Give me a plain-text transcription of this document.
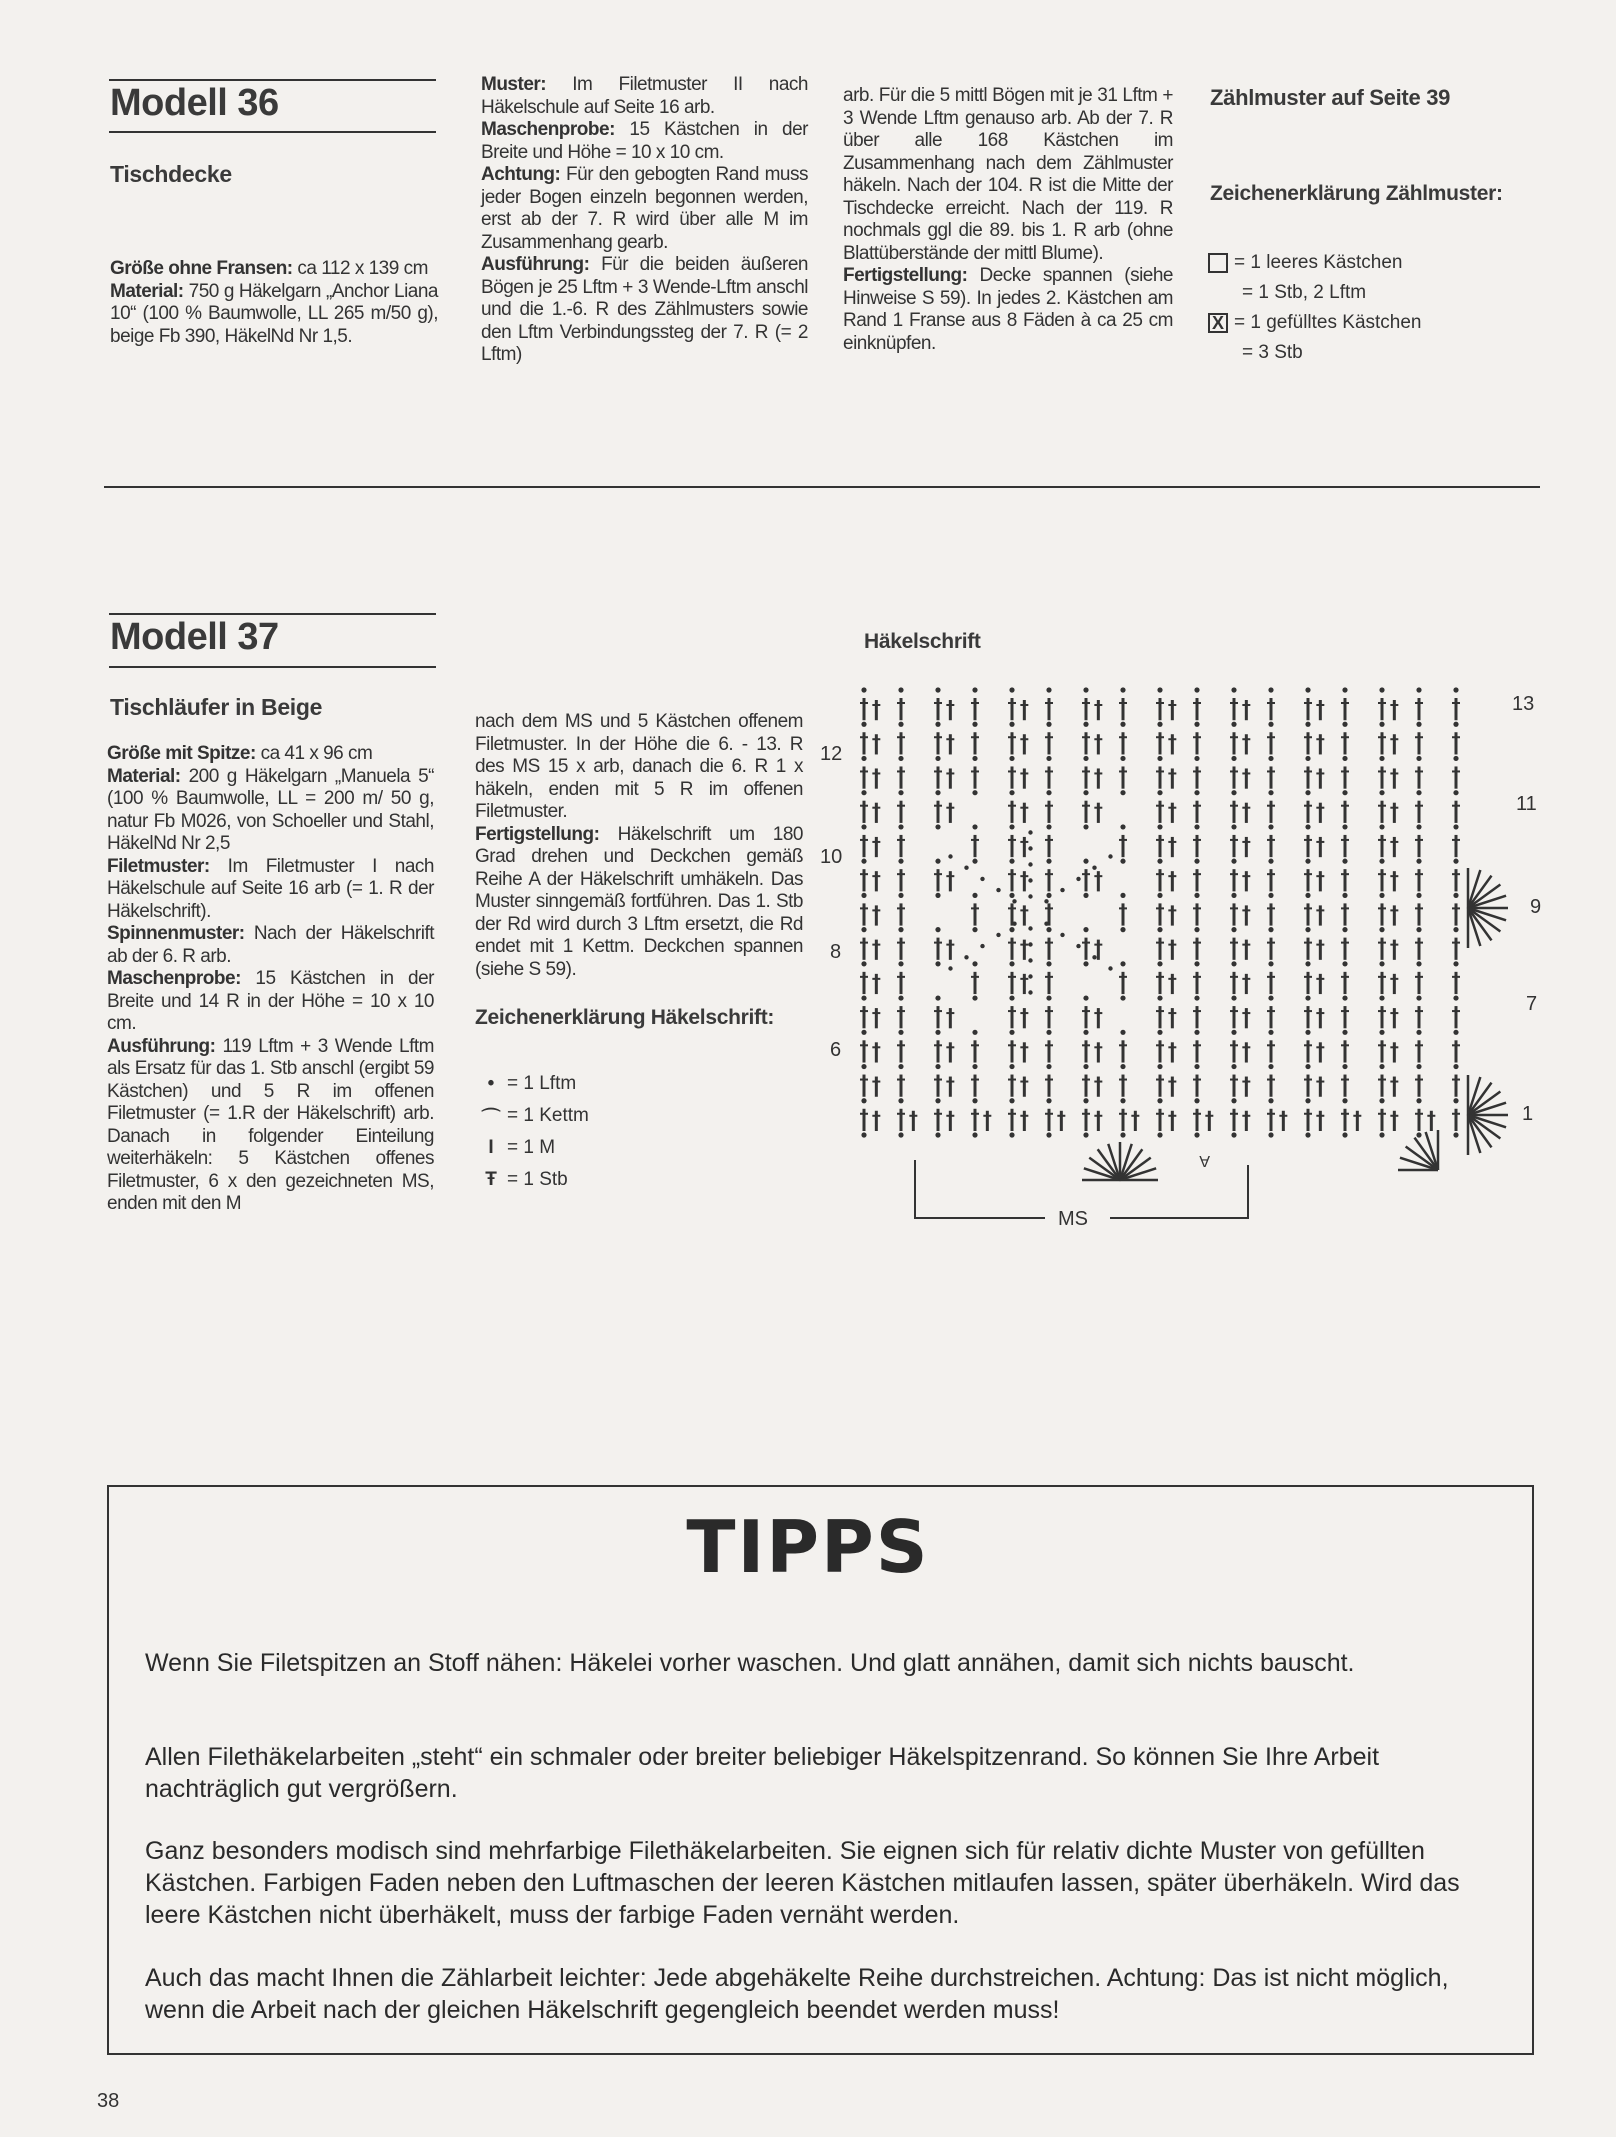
Modell 36
Tischdecke

Größe ohne Fransen: ca 112 x 139 cm

Material: 750 g Häkelgarn „Anchor Liana 10“ (100 % Baumwolle, LL 265 m/50 g), beige Fb 390, HäkelNd Nr 1,5.

Muster: Im Filetmuster II nach Häkelschule auf Seite 16 arb.

Maschenprobe: 15 Kästchen in der Breite und Höhe = 10 x 10 cm.

Achtung: Für den gebogten Rand muss jeder Bogen einzeln begonnen werden, erst ab der 7. R wird über alle M im Zusammenhang gearb.

Ausführung: Für die beiden äußeren Bögen je 25 Lftm + 3 Wende-Lftm anschl und die 1.-6. R des Zählmusters sowie den Lftm Verbindungssteg der 7. R (= 2 Lftm)

arb. Für die 5 mittl Bögen mit je 31 Lftm + 3 Wende Lftm genauso arb. Ab der 7. R über alle 168 Kästchen im Zusammenhang nach dem Zählmuster häkeln. Nach der 104. R ist die Mitte der Tischdecke erreicht. Nach der 119. R nochmals ggl die 89. bis 1. R arb (ohne Blattüberstände der mittl Blume).

Fertigstellung: Decke spannen (siehe Hinweise S 59). In jedes 2. Kästchen am Rand 1 Franse aus 8 Fäden à ca 25 cm einknüpfen.

Zählmuster auf Seite 39
Zeichenerklärung Zählmuster:
= 1 leeres Kästchen
= 1 Stb, 2 Lftm
X = 1 gefülltes Kästchen
= 3 Stb
Modell 37
Tischläufer in Beige

Größe mit Spitze: ca 41 x 96 cm

Material: 200 g Häkelgarn „Manuela 5“ (100 % Baumwolle, LL = 200 m/ 50 g, natur Fb M026, von Schoeller und Stahl, HäkelNd Nr 2,5

Filetmuster: Im Filetmuster I nach Häkelschule auf Seite 16 arb (= 1. R der Häkelschrift).

Spinnenmuster: Nach der Häkelschrift ab der 6. R arb.

Maschenprobe: 15 Kästchen in der Breite und 14 R in der Höhe = 10 x 10 cm.

Ausführung: 119 Lftm + 3 Wende Lftm als Ersatz für das 1. Stb anschl (ergibt 59 Kästchen) und 5 R im offenen Filetmuster (= 1.R der Häkelschrift) arb. Danach in folgender Einteilung weiterhäkeln: 5 Kästchen offenes Filetmuster, 6 x den gezeichneten MS, enden mit den M

nach dem MS und 5 Kästchen offenem Filetmuster. In der Höhe die 6. - 13. R des MS 15 x arb, danach die 6. R 1 x häkeln, enden mit 5 R im offenen Filetmuster.

Fertigstellung: Häkelschrift um 180 Grad drehen und Deckchen gemäß Reihe A der Häkelschrift umhäkeln. Das Muster sinngemäß fortführen. Das 1. Stb der Rd wird durch 3 Lftm ersetzt, die Rd endet mit 1 Kettm. Deckchen spannen (siehe S 59).

Zeichenerklärung Häkelschrift:
• = 1 Lftm
⌒ = 1 Kettm
I = 1 M
Ŧ = 1 Stb
Häkelschrift
12
10
8
6
13
11
9
7
1
A
MS
TIPPS

Wenn Sie Filetspitzen an Stoff nähen: Häkelei vorher waschen. Und glatt annähen, damit sich nichts bauscht.

Allen Filethäkelarbeiten „steht“ ein schmaler oder breiter beliebiger Häkelspitzenrand. So können Sie Ihre Arbeit nachträglich gut vergrößern.

Ganz besonders modisch sind mehrfarbige Filethäkelarbeiten. Sie eignen sich für relativ dichte Muster von gefüllten Kästchen. Farbigen Faden neben den Luftmaschen der leeren Kästchen mitlaufen lassen, später überhäkeln. Wird das leere Kästchen nicht überhäkelt, muss der farbige Faden vernäht werden.

Auch das macht Ihnen die Zählarbeit leichter: Jede abgehäkelte Reihe durchstreichen. Achtung: Das ist nicht möglich, wenn die Arbeit nach der gleichen Häkelschrift gegengleich beendet werden muss!

38
